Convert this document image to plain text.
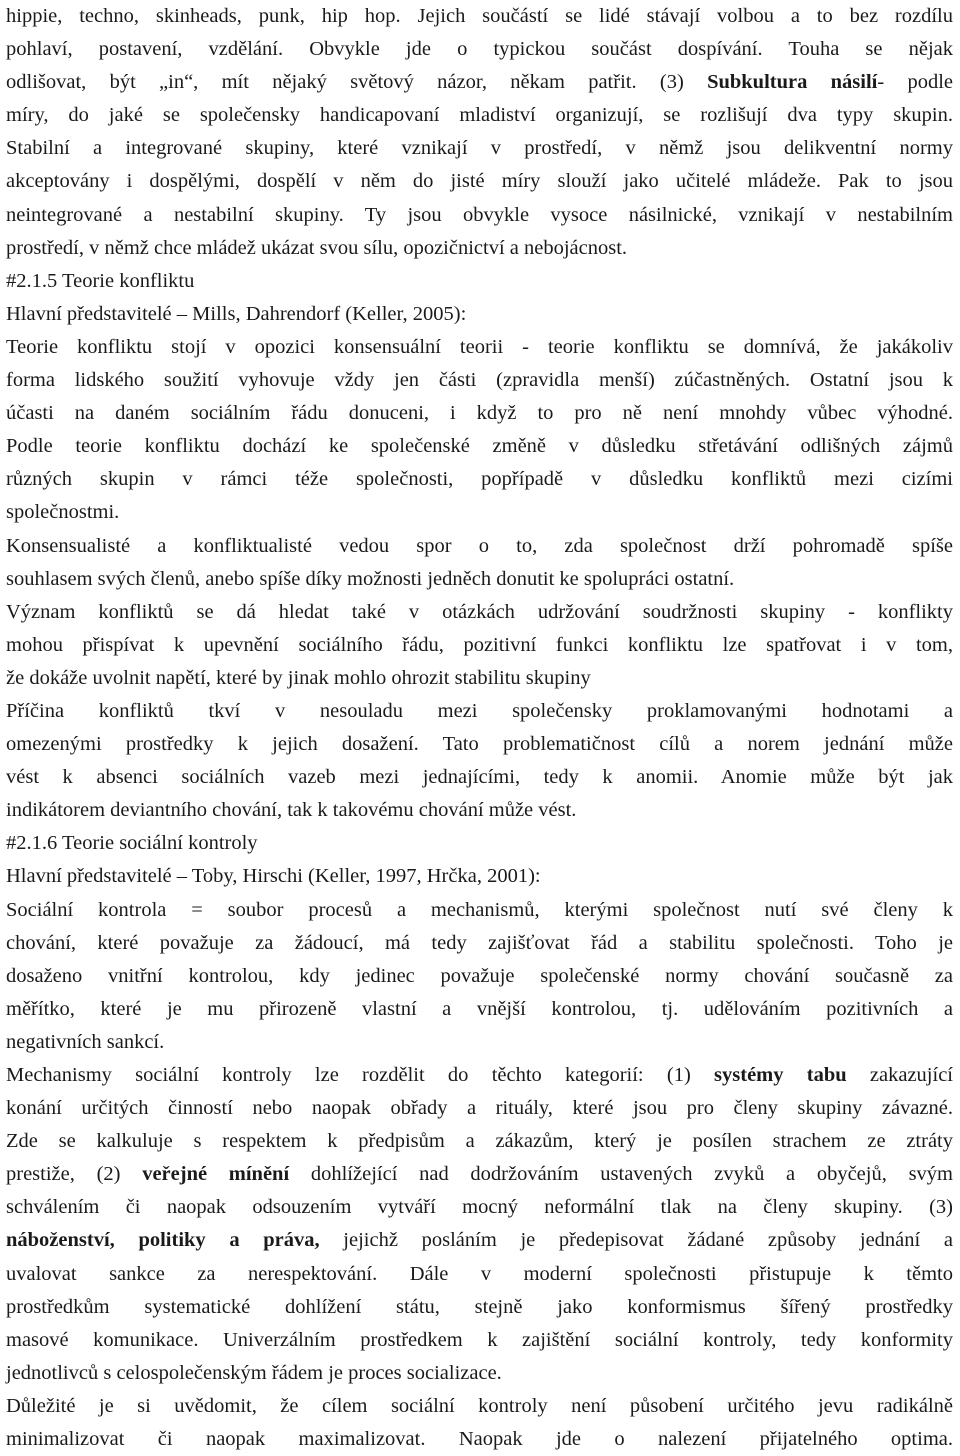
hippie, techno, skinheads, punk, hip hop. Jejich součástí se lidé stávají volbou a to bez rozdílu
pohlaví, postavení, vzdělání. Obvykle jde o typickou součást dospívání. Touha se nějak
odlišovat, být „in“, mít nějaký světový názor, někam patřit. (3) Subkultura násilí- podle
míry, do jaké se společensky handicapovaní mladiství organizují, se rozlišují dva typy skupin.
Stabilní a integrované skupiny, které vznikají v prostředí, v němž jsou delikventní normy
akceptovány i dospělými, dospělí v něm do jisté míry slouží jako učitelé mládeže. Pak to jsou
neintegrované a nestabilní skupiny. Ty jsou obvykle vysoce násilnické, vznikají v nestabilním
prostředí, v němž chce mládež ukázat svou sílu, opozičnictví a nebojácnost.
#2.1.5 Teorie konfliktu
Hlavní představitelé – Mills, Dahrendorf (Keller, 2005):
Teorie konfliktu stojí v opozici konsensuální teorii - teorie konfliktu se domnívá, že jakákoliv
forma lidského soužití vyhovuje vždy jen části (zpravidla menší) zúčastněných. Ostatní jsou k
účasti na daném sociálním řádu donuceni, i když to pro ně není mnohdy vůbec výhodné.
Podle teorie konfliktu dochází ke společenské změně v důsledku střetávání odlišných zájmů
různých skupin v rámci téže společnosti, popřípadě v důsledku konfliktů mezi cizími
společnostmi.
Konsensualisté a konfliktualisté vedou spor o to, zda společnost drží pohromadě spíše
souhlasem svých členů, anebo spíše díky možnosti jedněch donutit ke spolupráci ostatní.
Význam konfliktů se dá hledat také v otázkách udržování soudržnosti skupiny - konflikty
mohou přispívat k upevnění sociálního řádu, pozitivní funkci konfliktu lze spatřovat i v tom,
že dokáže uvolnit napětí, které by jinak mohlo ohrozit stabilitu skupiny
Příčina konfliktů tkví v nesouladu mezi společensky proklamovanými hodnotami a
omezenými prostředky k jejich dosažení. Tato problematičnost cílů a norem jednání může
vést k absenci sociálních vazeb mezi jednajícími, tedy k anomii. Anomie může být jak
indikátorem deviantního chování, tak k takovému chování může vést.
#2.1.6 Teorie sociální kontroly
Hlavní představitelé – Toby, Hirschi (Keller, 1997, Hrčka, 2001):
Sociální kontrola = soubor procesů a mechanismů, kterými společnost nutí své členy k
chování, které považuje za žádoucí, má tedy zajišťovat řád a stabilitu společnosti. Toho je
dosaženo vnitřní kontrolou, kdy jedinec považuje společenské normy chování současně za
měřítko, které je mu přirozeně vlastní a vnější kontrolou, tj. udělováním pozitivních a
negativních sankcí.
Mechanismy sociální kontroly lze rozdělit do těchto kategorií: (1) systémy tabu zakazující
konání určitých činností nebo naopak obřady a rituály, které jsou pro členy skupiny závazné.
Zde se kalkuluje s respektem k předpisům a zákazům, který je posílen strachem ze ztráty
prestiže, (2) veřejné mínění dohlížející nad dodržováním ustavených zvyků a obyčejů, svým
schválením či naopak odsouzením vytváří mocný neformální tlak na členy skupiny. (3)
náboženství, politiky a práva, jejichž posláním je předepisovat žádané způsoby jednání a
uvalovat sankce za nerespektování. Dále v moderní společnosti přistupuje k těmto
prostředkům systematické dohlížení státu, stejně jako konformismus šířený prostředky
masové komunikace. Univerzálním prostředkem k zajištění sociální kontroly, tedy konformity
jednotlivců s celospolečenským řádem je proces socializace.
Důležité je si uvědomit, že cílem sociální kontroly není působení určitého jevu radikálně
minimalizovat či naopak maximalizovat. Naopak jde o nalezení přijatelného optima.
